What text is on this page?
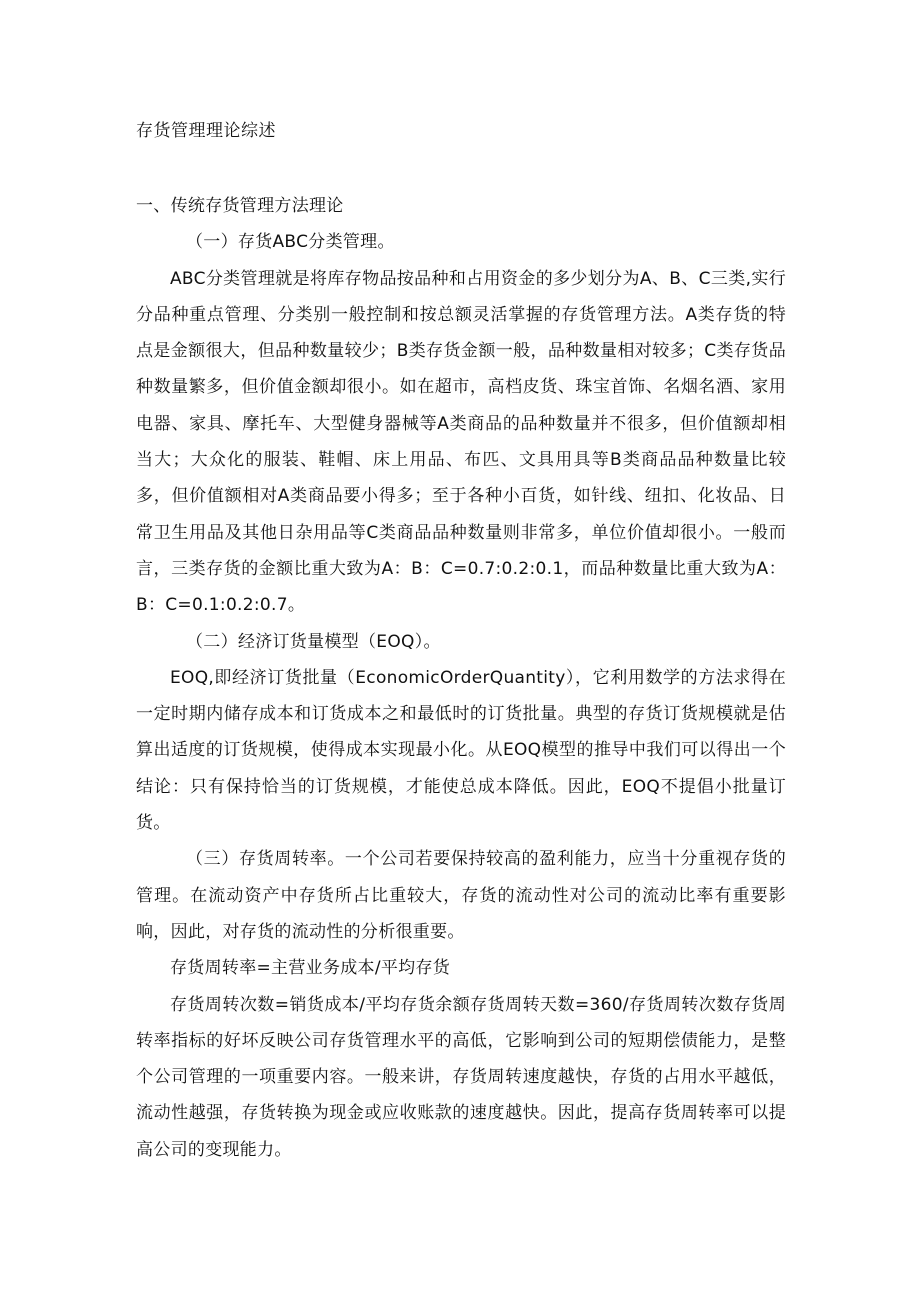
存货管理理论综述

一、传统存货管理方法理论

（一）存货ABC分类管理。

ABC分类管理就是将库存物品按品种和占用资金的多少划分为A、B、C三类,实行分品种重点管理、分类别一般控制和按总额灵活掌握的存货管理方法。A类存货的特点是金额很大，但品种数量较少；B类存货金额一般，品种数量相对较多；C类存货品种数量繁多，但价值金额却很小。如在超市，高档皮货、珠宝首饰、名烟名酒、家用电器、家具、摩托车、大型健身器械等A类商品的品种数量并不很多，但价值额却相当大；大众化的服装、鞋帽、床上用品、布匹、文具用具等B类商品品种数量比较多，但价值额相对A类商品要小得多；至于各种小百货，如针线、纽扣、化妆品、日常卫生用品及其他日杂用品等C类商品品种数量则非常多，单位价值却很小。一般而言，三类存货的金额比重大致为A：B：C=0.7:0.2:0.1，而品种数量比重大致为A：B：C=0.1:0.2:0.7。

（二）经济订货量模型（EOQ）。

EOQ,即经济订货批量（EconomicOrderQuantity），它利用数学的方法求得在一定时期内储存成本和订货成本之和最低时的订货批量。典型的存货订货规模就是估算出适度的订货规模，使得成本实现最小化。从EOQ模型的推导中我们可以得出一个结论：只有保持恰当的订货规模，才能使总成本降低。因此，EOQ不提倡小批量订货。

（三）存货周转率。一个公司若要保持较高的盈利能力，应当十分重视存货的管理。在流动资产中存货所占比重较大，存货的流动性对公司的流动比率有重要影响，因此，对存货的流动性的分析很重要。

存货周转率=主营业务成本/平均存货

存货周转次数=销货成本/平均存货余额存货周转天数=360/存货周转次数存货周转率指标的好坏反映公司存货管理水平的高低，它影响到公司的短期偿债能力，是整个公司管理的一项重要内容。一般来讲，存货周转速度越快，存货的占用水平越低，流动性越强，存货转换为现金或应收账款的速度越快。因此，提高存货周转率可以提高公司的变现能力。
